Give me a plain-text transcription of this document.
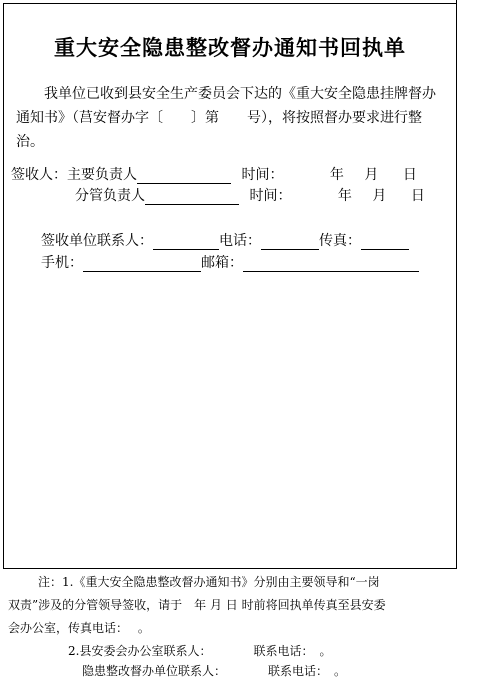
重大安全隐患整改督办通知书回执单
我单位已收到县安全生产委员会下达的《重大安全隐患挂牌督办通知书》（莒安督办字〔　　〕第　　号），将按照督办要求进行整治。
签收人：主要负责人	时间：	年 月 日
分管负责人	时间：	年 月 日
签收单位联系人：	电话：	传真：
手机：	邮箱：
注：1.《重大安全隐患整改督办通知书》分别由主要领导和“一岗
双责”涉及的分管领导签收，请于　年 月 日 时前将回执单传真至县安委
会办公室，传真电话：　 。
2.县安委会办公室联系人：　　　　联系电话：　。
隐患整改督办单位联系人：　　　　联系电话：　。
